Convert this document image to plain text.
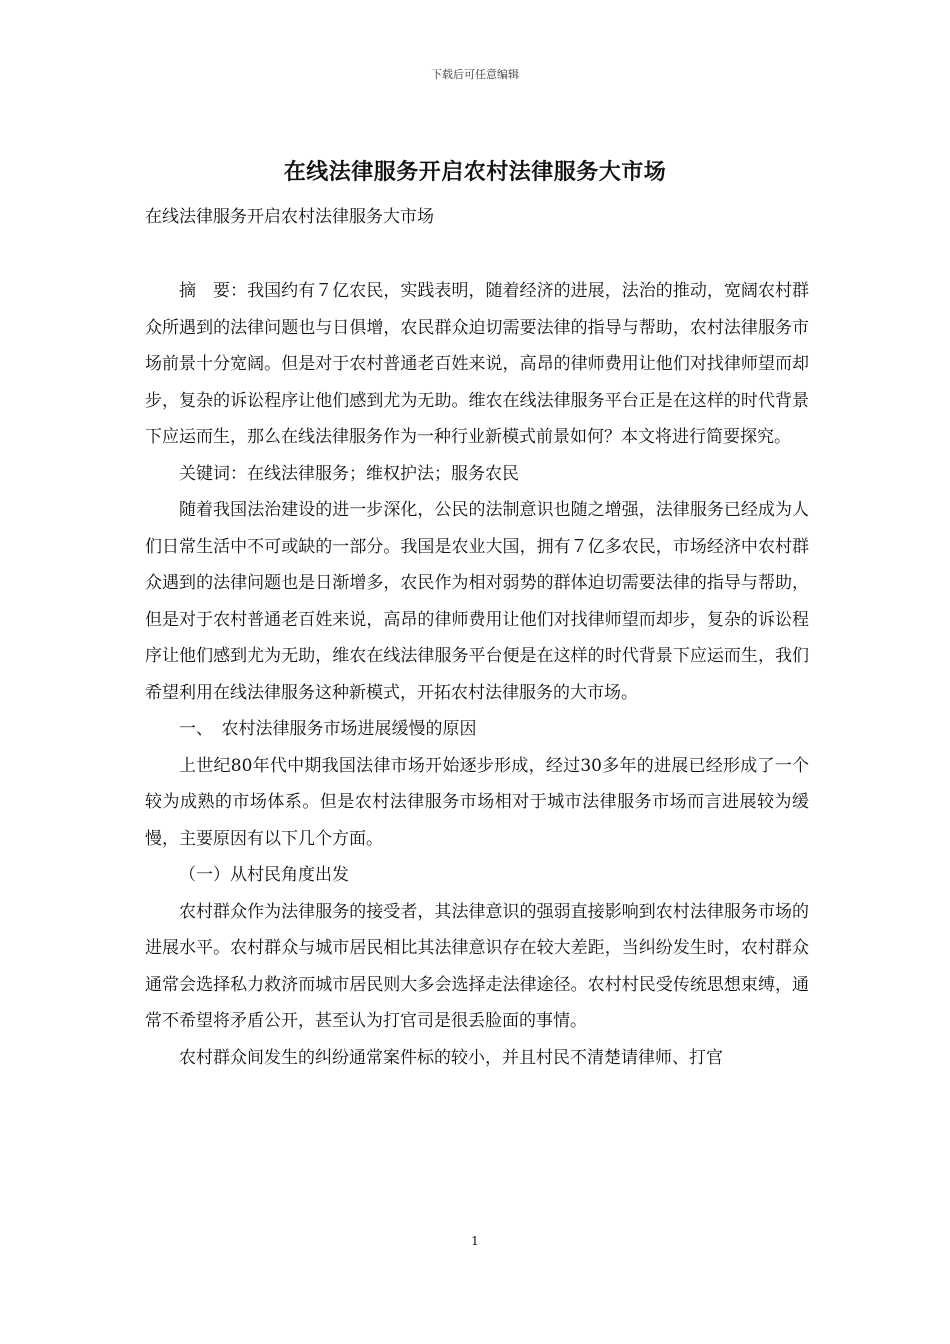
下载后可任意编辑
在线法律服务开启农村法律服务大市场
在线法律服务开启农村法律服务大市场

摘　要：我国约有７亿农民，实践表明，随着经济的进展，法治的推动，宽阔农村群众所遇到的法律问题也与日俱增，农民群众迫切需要法律的指导与帮助，农村法律服务市场前景十分宽阔。但是对于农村普通老百姓来说，高昂的律师费用让他们对找律师望而却步，复杂的诉讼程序让他们感到尤为无助。维农在线法律服务平台正是在这样的时代背景下应运而生，那么在线法律服务作为一种行业新模式前景如何？本文将进行简要探究。

关键词：在线法律服务；维权护法；服务农民

随着我国法治建设的进一步深化，公民的法制意识也随之增强，法律服务已经成为人们日常生活中不可或缺的一部分。我国是农业大国，拥有７亿多农民，市场经济中农村群众遇到的法律问题也是日渐增多，农民作为相对弱势的群体迫切需要法律的指导与帮助，但是对于农村普通老百姓来说，高昂的律师费用让他们对找律师望而却步，复杂的诉讼程序让他们感到尤为无助，维农在线法律服务平台便是在这样的时代背景下应运而生，我们希望利用在线法律服务这种新模式，开拓农村法律服务的大市场。

一、　农村法律服务市场进展缓慢的原因

上世纪80年代中期我国法律市场开始逐步形成，经过30多年的进展已经形成了一个较为成熟的市场体系。但是农村法律服务市场相对于城市法律服务市场而言进展较为缓慢，主要原因有以下几个方面。

（一）从村民角度出发

农村群众作为法律服务的接受者，其法律意识的强弱直接影响到农村法律服务市场的进展水平。农村群众与城市居民相比其法律意识存在较大差距，当纠纷发生时，农村群众通常会选择私力救济而城市居民则大多会选择走法律途径。农村村民受传统思想束缚，通常不希望将矛盾公开，甚至认为打官司是很丢脸面的事情。

农村群众间发生的纠纷通常案件标的较小，并且村民不清楚请律师、打官

1
